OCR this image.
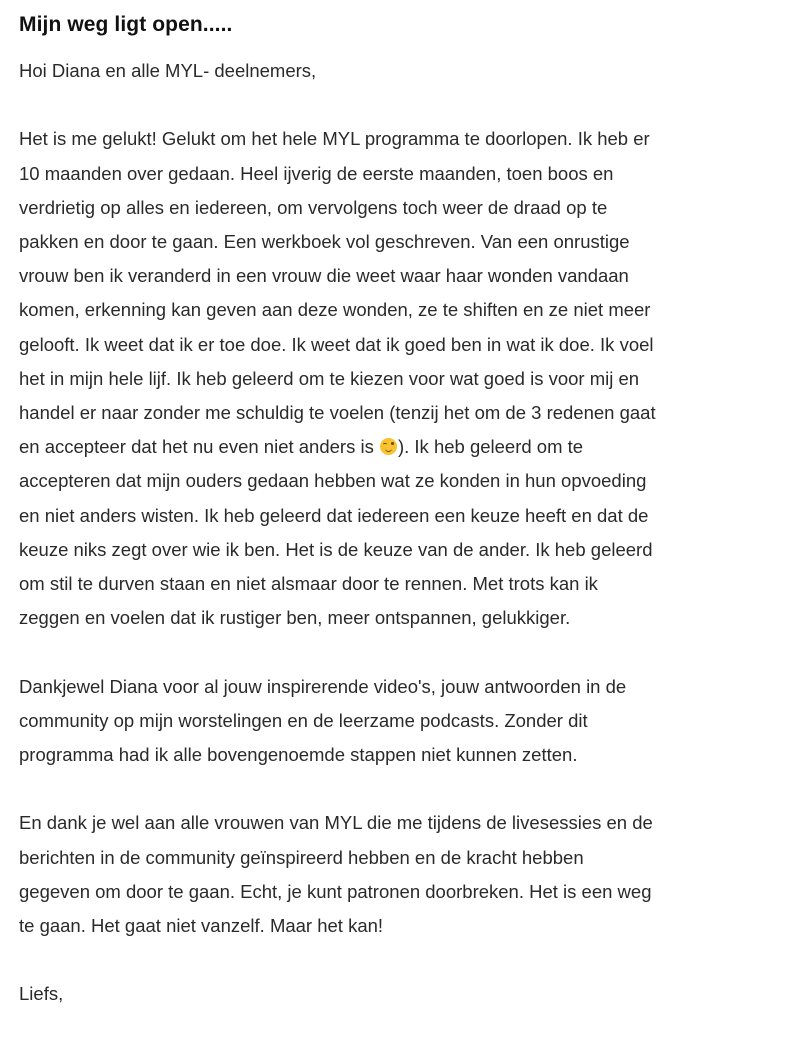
Mijn weg ligt open.....

Hoi Diana en alle MYL- deelnemers,

Het is me gelukt! Gelukt om het hele MYL programma te doorlopen. Ik heb er
10 maanden over gedaan. Heel ijverig de eerste maanden, toen boos en
verdrietig op alles en iedereen, om vervolgens toch weer de draad op te
pakken en door te gaan. Een werkboek vol geschreven. Van een onrustige
vrouw ben ik veranderd in een vrouw die weet waar haar wonden vandaan
komen, erkenning kan geven aan deze wonden, ze te shiften en ze niet meer
gelooft. Ik weet dat ik er toe doe. Ik weet dat ik goed ben in wat ik doe. Ik voel
het in mijn hele lijf. Ik heb geleerd om te kiezen voor wat goed is voor mij en
handel er naar zonder me schuldig te voelen (tenzij het om de 3 redenen gaat
en accepteer dat het nu even niet anders is
). Ik heb geleerd om te
accepteren dat mijn ouders gedaan hebben wat ze konden in hun opvoeding
en niet anders wisten. Ik heb geleerd dat iedereen een keuze heeft en dat de
keuze niks zegt over wie ik ben. Het is de keuze van de ander. Ik heb geleerd
om stil te durven staan en niet alsmaar door te rennen. Met trots kan ik
zeggen en voelen dat ik rustiger ben, meer ontspannen, gelukkiger.

Dankjewel Diana voor al jouw inspirerende video's, jouw antwoorden in de
community op mijn worstelingen en de leerzame podcasts. Zonder dit
programma had ik alle bovengenoemde stappen niet kunnen zetten.

En dank je wel aan alle vrouwen van MYL die me tijdens de livesessies en de
berichten in de community geïnspireerd hebben en de kracht hebben
gegeven om door te gaan. Echt, je kunt patronen doorbreken. Het is een weg
te gaan. Het gaat niet vanzelf. Maar het kan!

Liefs,
